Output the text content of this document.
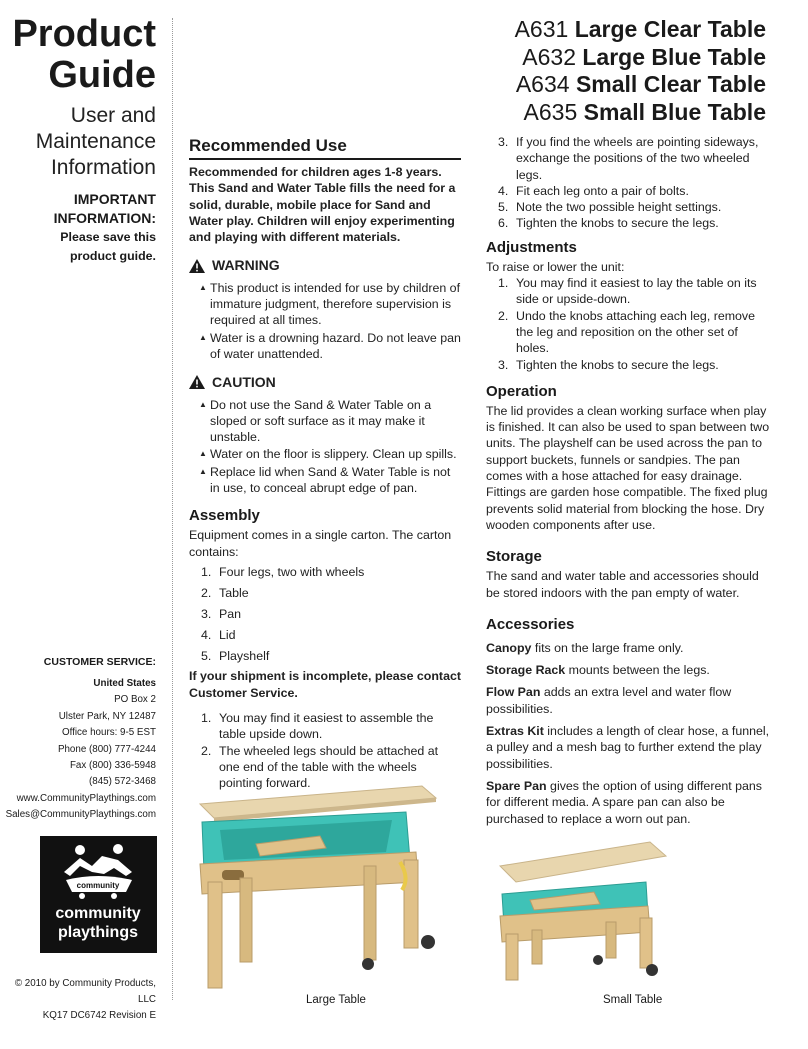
Product
Guide
User and
Maintenance
Information
IMPORTANT
INFORMATION:
Please save this
product guide.
CUSTOMER SERVICE:
United States
PO Box 2
Ulster Park, NY 12487
Office hours: 9-5 EST
Phone (800) 777-4244
Fax (800) 336-5948
(845) 572-3468
www.CommunityPlaythings.com
Sales@CommunityPlaythings.com
community
community
playthings
© 2010 by Community Products, LLC
KQ17 DC6742 Revision E
A631 Large Clear Table
A632 Large Blue Table
A634 Small Clear Table
A635 Small Blue Table
Recommended Use

Recommended for children ages 1-8 years. This Sand and Water Table fills the need for a solid, durable, mobile place for Sand and Water play. Children will enjoy experimenting and playing with different materials.

WARNING
▲ This product is intended for use by children of immature judgment, therefore supervision is required at all times.
▲ Water is a drowning hazard. Do not leave pan of water unattended.
CAUTION
▲ Do not use the Sand & Water Table on a sloped or soft surface as it may make it unstable.
▲ Water on the floor is slippery. Clean up spills.
▲ Replace lid when Sand & Water Table is not in use, to conceal abrupt edge of pan.
Assembly

Equipment comes in a single carton. The carton contains:

1. Four legs, two with wheels
2. Table
3. Pan
4. Lid
5. Playshelf

If your shipment is incomplete, please contact Customer Service.

1. You may find it easiest to assemble the table upside down.
2. The wheeled legs should be attached at one end of the table with the wheels pointing forward.
3. If you find the wheels are pointing sideways, exchange the positions of the two wheeled legs.
4. Fit each leg onto a pair of bolts.
5. Note the two possible height settings.
6. Tighten the knobs to secure the legs.
Adjustments

To raise or lower the unit:

1. You may find it easiest to lay the table on its side or upside-down.
2. Undo the knobs attaching each leg, remove the leg and reposition on the other set of holes.
3. Tighten the knobs to secure the legs.
Operation

The lid provides a clean working surface when play is finished. It can also be used to span between two units. The playshelf can be used across the pan to support buckets, funnels or sandpies. The pan comes with a hose attached for easy drainage. Fittings are garden hose compatible. The fixed plug prevents solid material from blocking the hose. Dry wooden components after use.

Storage

The sand and water table and accessories should be stored indoors with the pan empty of water.

Accessories

Canopy fits on the large frame only.

Storage Rack mounts between the legs.

Flow Pan adds an extra level and water flow possibilities.

Extras Kit includes a length of clear hose, a funnel, a pulley and a mesh bag to further extend the play possibilities.

Spare Pan gives the option of using different pans for different media. A spare pan can also be purchased to replace a worn out pan.

Large Table	Small Table
